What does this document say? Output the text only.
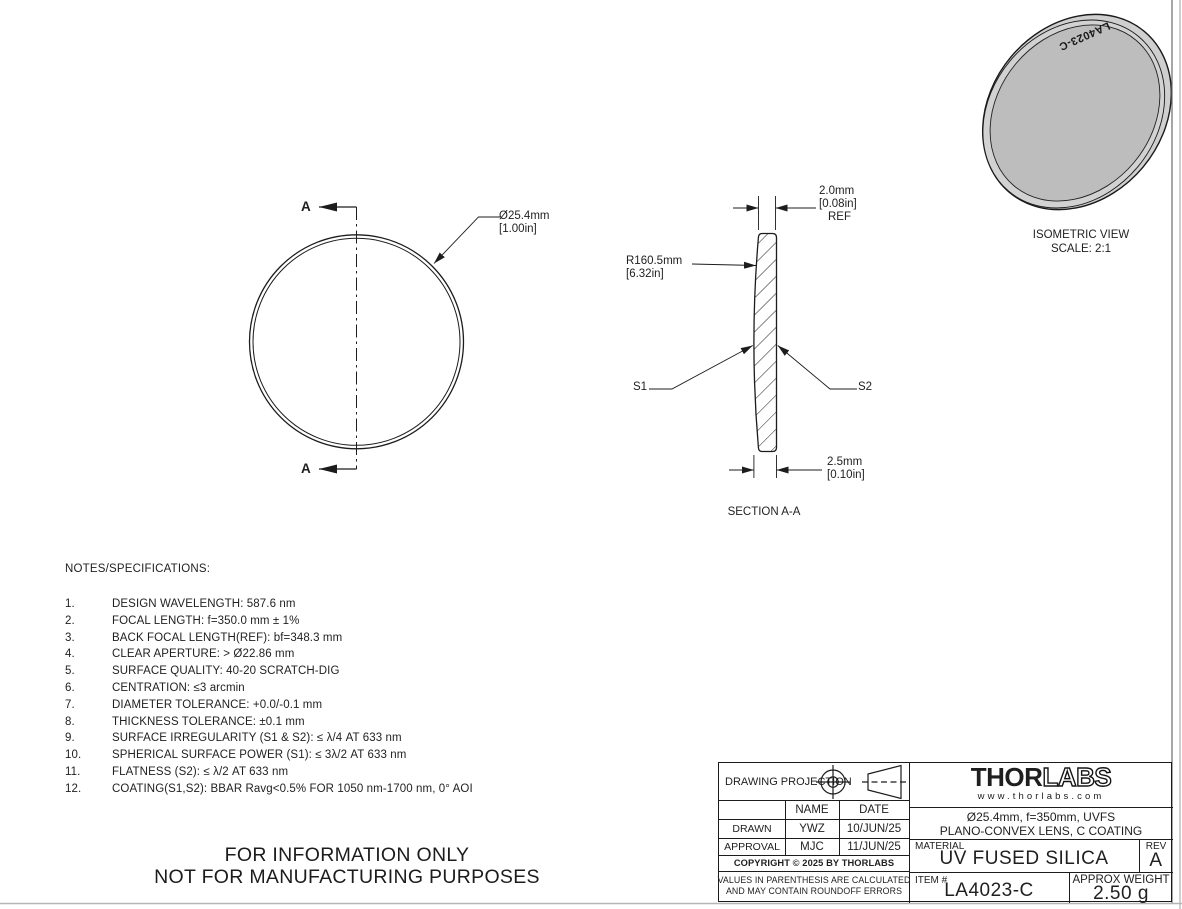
LA4023-C
A
A
Ø25.4mm
[1.00in]
2.0mm
[0.08in]
REF
R160.5mm
[6.32in]
S1	S2
2.5mm
[0.10in]
SECTION A-A
ISOMETRIC VIEW
SCALE: 2:1
NOTES/SPECIFICATIONS:
1.	DESIGN WAVELENGTH: 587.6 nm
2.	FOCAL LENGTH: f=350.0 mm ± 1%
3.	BACK FOCAL LENGTH(REF): bf=348.3 mm
4.	CLEAR APERTURE: > Ø22.86 mm
5.	SURFACE QUALITY: 40-20 SCRATCH-DIG
6.	CENTRATION: ≤3 arcmin
7.	DIAMETER TOLERANCE: +0.0/-0.1 mm
8.	THICKNESS TOLERANCE: ±0.1 mm
9.	SURFACE IRREGULARITY (S1 & S2): ≤ λ/4 AT 633 nm
10.	SPHERICAL SURFACE POWER (S1): ≤ 3λ/2 AT 633 nm
11.	FLATNESS (S2): ≤ λ/2 AT 633 nm
12.	COATING(S1,S2): BBAR Ravg<0.5% FOR 1050 nm-1700 nm, 0° AOI
FOR INFORMATION ONLY
NOT FOR MANUFACTURING PURPOSES
DRAWING PROJECTION
NAME	DATE
DRAWN	YWZ	10/JUN/25
APPROVAL	MJC	11/JUN/25
COPYRIGHT © 2025 BY THORLABS
VALUES IN PARENTHESIS ARE CALCULATED
AND MAY CONTAIN ROUNDOFF ERRORS
THORLABS
www.thorlabs.com
Ø25.4mm, f=350mm, UVFS
PLANO-CONVEX LENS, C COATING
MATERIAL
UV FUSED SILICA
REV
A
ITEM #
LA4023-C
APPROX WEIGHT
2.50 g
